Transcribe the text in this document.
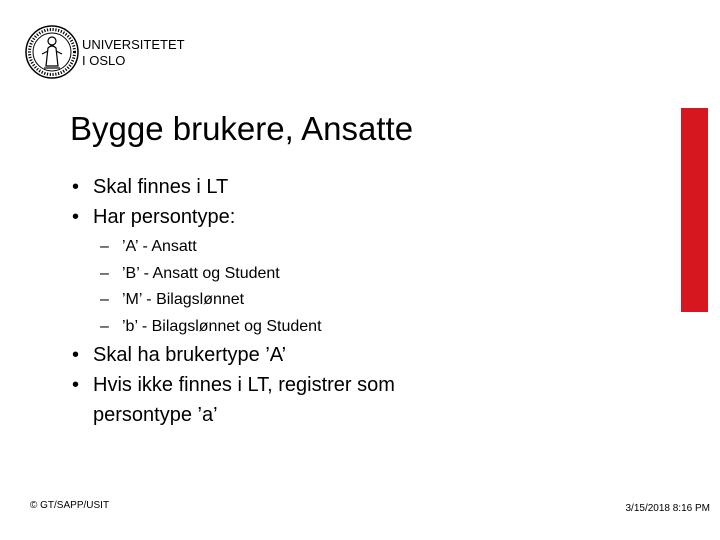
UNIVERSITETET
I OSLO
Bygge brukere, Ansatte
• Skal finnes i LT
• Har persontype:
– ’A’ - Ansatt
– ’B’ - Ansatt og Student
– ’M’ - Bilagslønnet
– ’b’ - Bilagslønnet og Student
• Skal ha brukertype ’A’
• Hvis ikke finnes i LT, registrer som persontype ’a’
© GT/SAPP/USIT	3/15/2018 8:16 PM
